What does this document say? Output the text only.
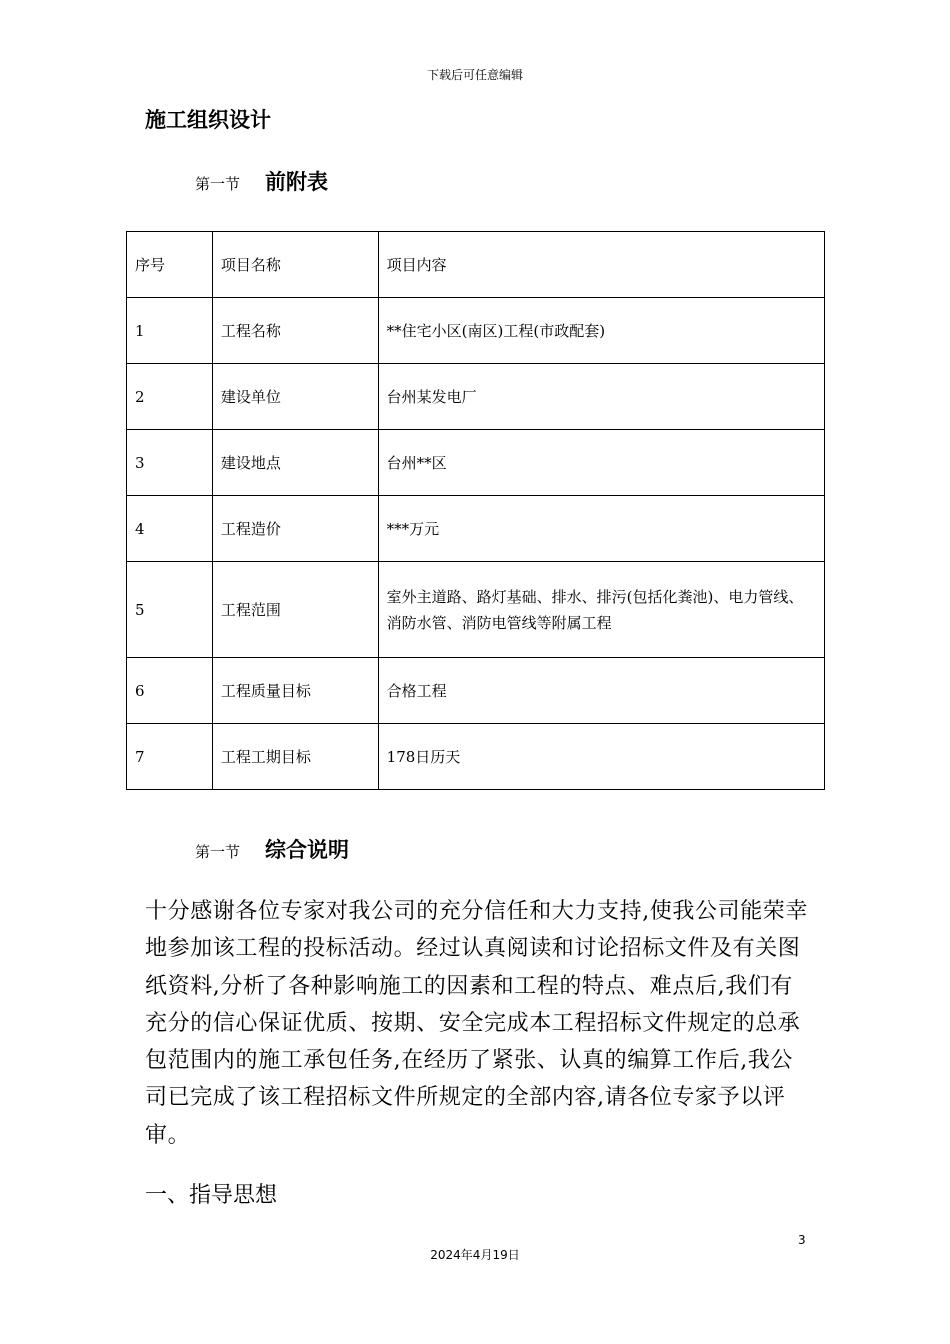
下载后可任意编辑
施工组织设计
第一节	前附表
序号	项目名称	项目内容
1	工程名称	**住宅小区(南区)工程(市政配套)
2	建设单位	台州某发电厂
3	建设地点	台州**区
4	工程造价	***万元
5	工程范围	室外主道路、路灯基础、排水、排污(包括化粪池)、电力管线、消防水管、消防电管线等附属工程
6	工程质量目标	合格工程
7	工程工期目标	178日历天
第一节	综合说明
十分感谢各位专家对我公司的充分信任和大力支持,使我公司能荣幸地参加该工程的投标活动。经过认真阅读和讨论招标文件及有关图纸资料,分析了各种影响施工的因素和工程的特点、难点后,我们有充分的信心保证优质、按期、安全完成本工程招标文件规定的总承包范围内的施工承包任务,在经历了紧张、认真的编算工作后,我公司已完成了该工程招标文件所规定的全部内容,请各位专家予以评审。
一、指导思想
3
2024年4月19日
